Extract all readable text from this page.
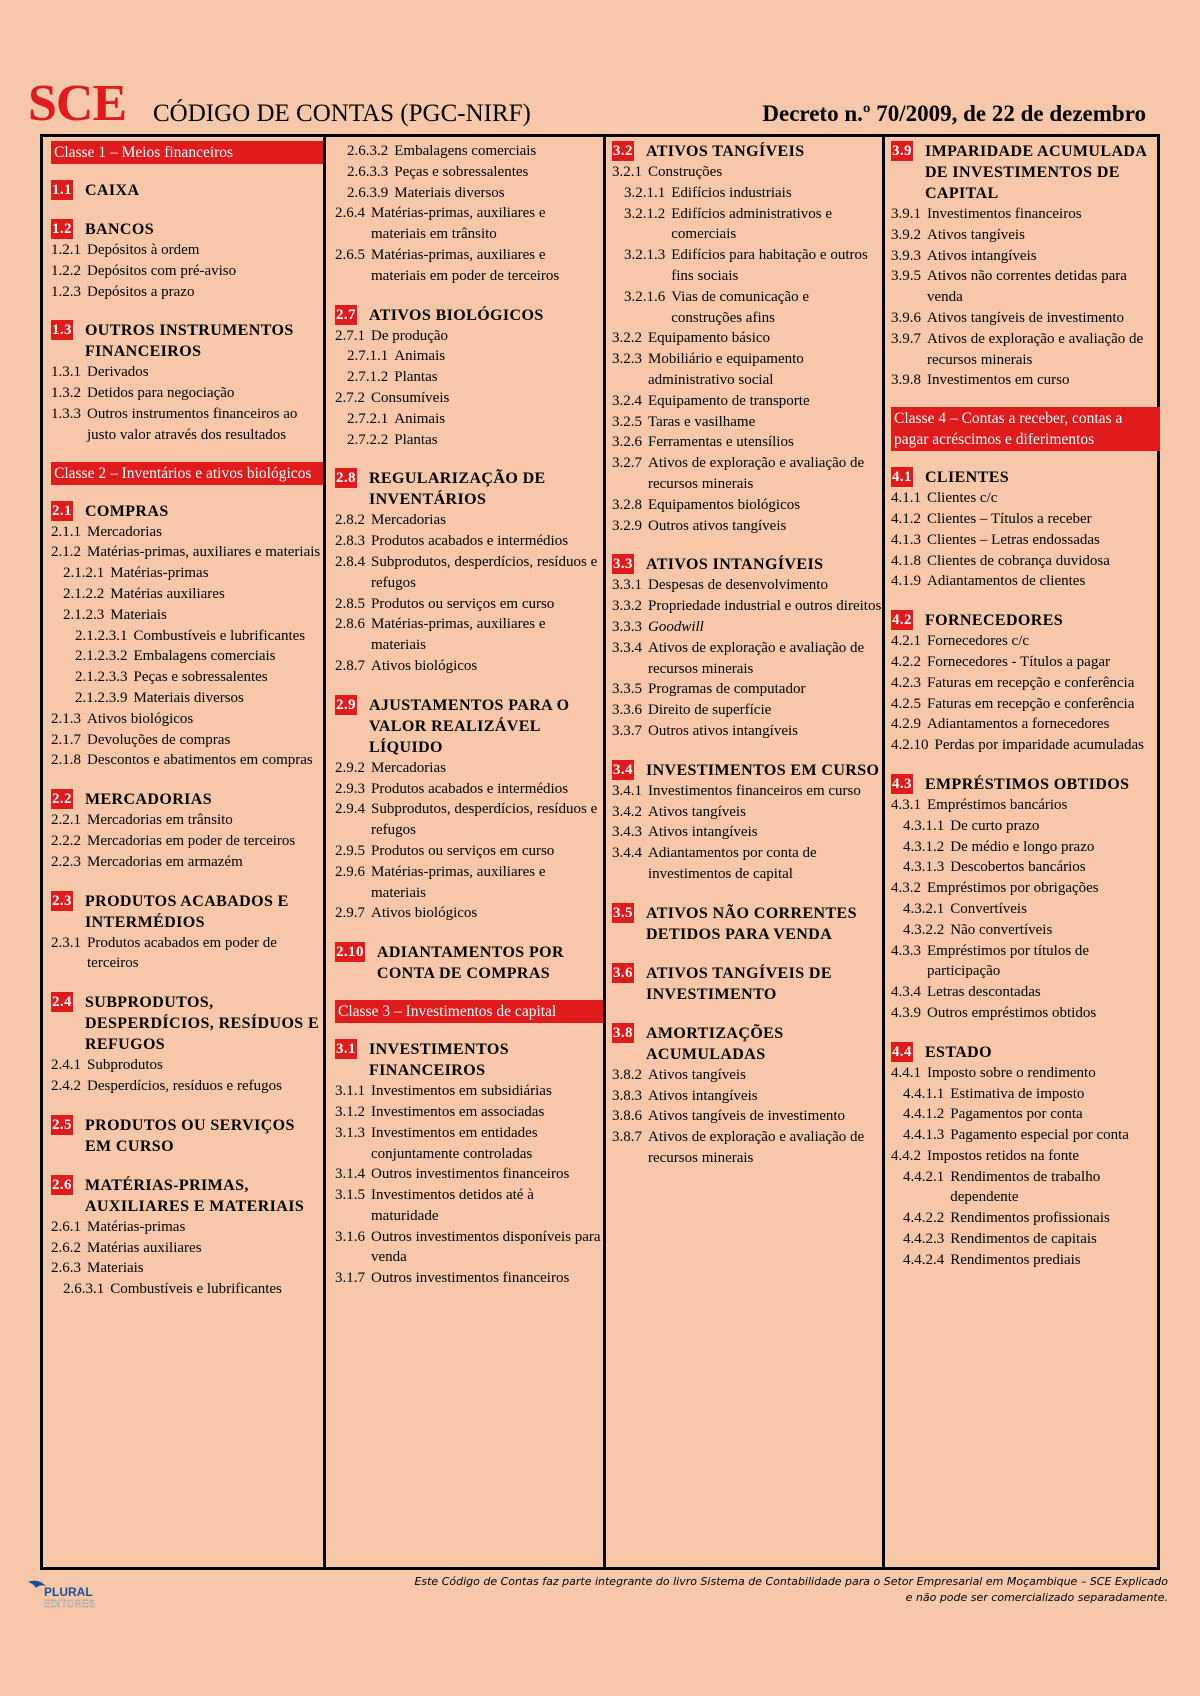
SCE CÓDIGO DE CONTAS (PGC-NIRF)	Decreto n.º 70/2009, de 22 de dezembro
Classe 1 – Meios financeiros
1.1 CAIXA
1.2 BANCOS
1.2.1 Depósitos à ordem
1.2.2 Depósitos com pré-aviso
1.2.3 Depósitos a prazo
1.3 OUTROS INSTRUMENTOS FINANCEIROS
1.3.1 Derivados
1.3.2 Detidos para negociação
1.3.3 Outros instrumentos financeiros ao justo valor através dos resultados
Classe 2 – Inventários e ativos biológicos
2.1 COMPRAS
2.1.1 Mercadorias
2.1.2 Matérias-primas, auxiliares e materiais
2.1.2.1 Matérias-primas
2.1.2.2 Matérias auxiliares
2.1.2.3 Materiais
2.1.2.3.1 Combustíveis e lubrificantes
2.1.2.3.2 Embalagens comerciais
2.1.2.3.3 Peças e sobressalentes
2.1.2.3.9 Materiais diversos
2.1.3 Ativos biológicos
2.1.7 Devoluções de compras
2.1.8 Descontos e abatimentos em compras
2.2 MERCADORIAS
2.2.1 Mercadorias em trânsito
2.2.2 Mercadorias em poder de terceiros
2.2.3 Mercadorias em armazém
2.3 PRODUTOS ACABADOS E INTERMÉDIOS
2.3.1 Produtos acabados em poder de terceiros
2.4 SUBPRODUTOS, DESPERDÍCIOS, RESÍDUOS E REFUGOS
2.4.1 Subprodutos
2.4.2 Desperdícios, resíduos e refugos
2.5 PRODUTOS OU SERVIÇOS EM CURSO
2.6 MATÉRIAS-PRIMAS, AUXILIARES E MATERIAIS
2.6.1 Matérias-primas
2.6.2 Matérias auxiliares
2.6.3 Materiais
2.6.3.1 Combustíveis e lubrificantes
2.6.3.2 Embalagens comerciais
2.6.3.3 Peças e sobressalentes
2.6.3.9 Materiais diversos
2.6.4 Matérias-primas, auxiliares e materiais em trânsito
2.6.5 Matérias-primas, auxiliares e materiais em poder de terceiros
2.7 ATIVOS BIOLÓGICOS
2.7.1 De produção
2.7.1.1 Animais
2.7.1.2 Plantas
2.7.2 Consumíveis
2.7.2.1 Animais
2.7.2.2 Plantas
2.8 REGULARIZAÇÃO DE INVENTÁRIOS
2.8.2 Mercadorias
2.8.3 Produtos acabados e intermédios
2.8.4 Subprodutos, desperdícios, resíduos e refugos
2.8.5 Produtos ou serviços em curso
2.8.6 Matérias-primas, auxiliares e materiais
2.8.7 Ativos biológicos
2.9 AJUSTAMENTOS PARA O VALOR REALIZÁVEL LÍQUIDO
2.9.2 Mercadorias
2.9.3 Produtos acabados e intermédios
2.9.4 Subprodutos, desperdícios, resíduos e refugos
2.9.5 Produtos ou serviços em curso
2.9.6 Matérias-primas, auxiliares e materiais
2.9.7 Ativos biológicos
2.10 ADIANTAMENTOS POR CONTA DE COMPRAS
Classe 3 – Investimentos de capital
3.1 INVESTIMENTOS FINANCEIROS
3.1.1 Investimentos em subsidiárias
3.1.2 Investimentos em associadas
3.1.3 Investimentos em entidades conjuntamente controladas
3.1.4 Outros investimentos financeiros
3.1.5 Investimentos detidos até à maturidade
3.1.6 Outros investimentos disponíveis para venda
3.1.7 Outros investimentos financeiros
3.2 ATIVOS TANGÍVEIS
3.2.1 Construções
3.2.1.1 Edifícios industriais
3.2.1.2 Edifícios administrativos e comerciais
3.2.1.3 Edifícios para habitação e outros fins sociais
3.2.1.6 Vias de comunicação e construções afins
3.2.2 Equipamento básico
3.2.3 Mobiliário e equipamento administrativo social
3.2.4 Equipamento de transporte
3.2.5 Taras e vasilhame
3.2.6 Ferramentas e utensílios
3.2.7 Ativos de exploração e avaliação de recursos minerais
3.2.8 Equipamentos biológicos
3.2.9 Outros ativos tangíveis
3.3 ATIVOS INTANGÍVEIS
3.3.1 Despesas de desenvolvimento
3.3.2 Propriedade industrial e outros direitos
3.3.3 Goodwill
3.3.4 Ativos de exploração e avaliação de recursos minerais
3.3.5 Programas de computador
3.3.6 Direito de superfície
3.3.7 Outros ativos intangíveis
3.4 INVESTIMENTOS EM CURSO
3.4.1 Investimentos financeiros em curso
3.4.2 Ativos tangíveis
3.4.3 Ativos intangíveis
3.4.4 Adiantamentos por conta de investimentos de capital
3.5 ATIVOS NÃO CORRENTES DETIDOS PARA VENDA
3.6 ATIVOS TANGÍVEIS DE INVESTIMENTO
3.8 AMORTIZAÇÕES ACUMULADAS
3.8.2 Ativos tangíveis
3.8.3 Ativos intangíveis
3.8.6 Ativos tangíveis de investimento
3.8.7 Ativos de exploração e avaliação de recursos minerais
3.9 IMPARIDADE ACUMULADA DE INVESTIMENTOS DE CAPITAL
3.9.1 Investimentos financeiros
3.9.2 Ativos tangíveis
3.9.3 Ativos intangíveis
3.9.5 Ativos não correntes detidas para venda
3.9.6 Ativos tangíveis de investimento
3.9.7 Ativos de exploração e avaliação de recursos minerais
3.9.8 Investimentos em curso
Classe 4 – Contas a receber, contas a pagar acréscimos e diferimentos
4.1 CLIENTES
4.1.1 Clientes c/c
4.1.2 Clientes – Títulos a receber
4.1.3 Clientes – Letras endossadas
4.1.8 Clientes de cobrança duvidosa
4.1.9 Adiantamentos de clientes
4.2 FORNECEDORES
4.2.1 Fornecedores c/c
4.2.2 Fornecedores - Títulos a pagar
4.2.3 Faturas em recepção e conferência
4.2.5 Faturas em recepção e conferência
4.2.9 Adiantamentos a fornecedores
4.2.10 Perdas por imparidade acumuladas
4.3 EMPRÉSTIMOS OBTIDOS
4.3.1 Empréstimos bancários
4.3.1.1 De curto prazo
4.3.1.2 De médio e longo prazo
4.3.1.3 Descobertos bancários
4.3.2 Empréstimos por obrigações
4.3.2.1 Convertíveis
4.3.2.2 Não convertíveis
4.3.3 Empréstimos por títulos de participação
4.3.4 Letras descontadas
4.3.9 Outros empréstimos obtidos
4.4 ESTADO
4.4.1 Imposto sobre o rendimento
4.4.1.1 Estimativa de imposto
4.4.1.2 Pagamentos por conta
4.4.1.3 Pagamento especial por conta
4.4.2 Impostos retidos na fonte
4.4.2.1 Rendimentos de trabalho dependente
4.4.2.2 Rendimentos profissionais
4.4.2.3 Rendimentos de capitais
4.4.2.4 Rendimentos prediais
PLURAL
EDITORES
Este Código de Contas faz parte integrante do livro Sistema de Contabilidade para o Setor Empresarial em Moçambique – SCE Explicado
e não pode ser comercializado separadamente.
